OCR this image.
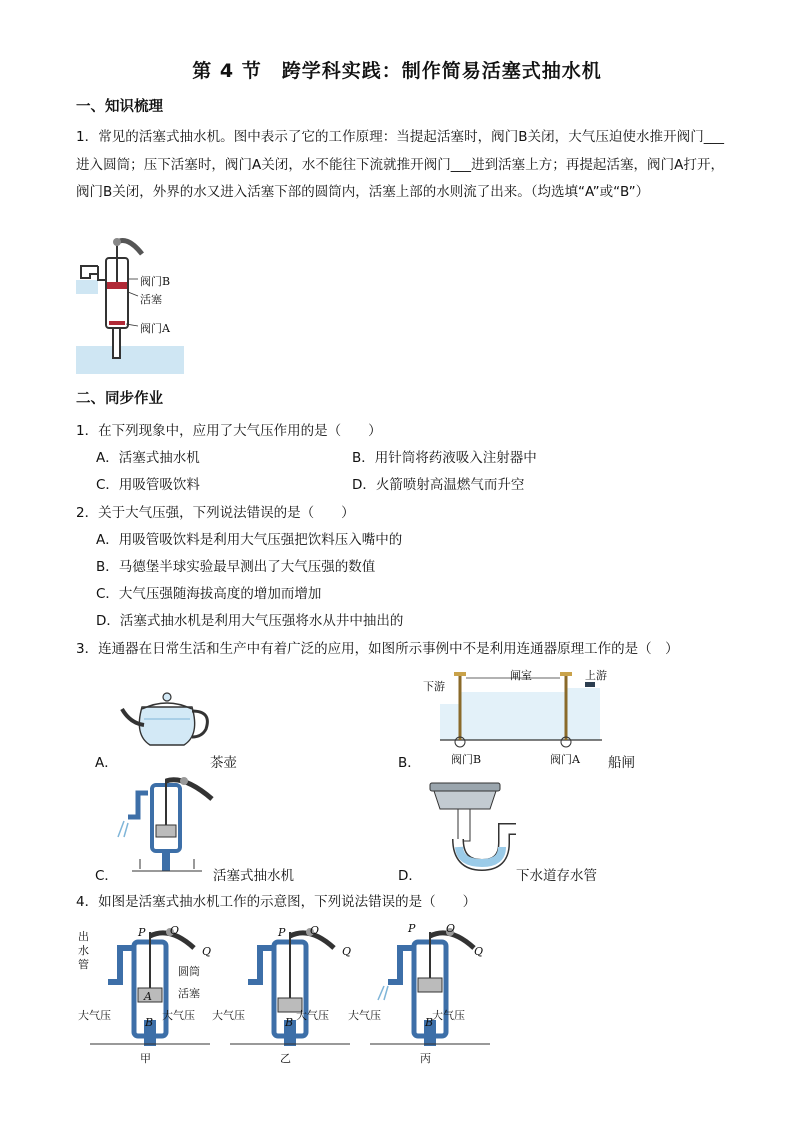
第 4 节　跨学科实践：制作简易活塞式抽水机
一、知识梳理
1．常见的活塞式抽水机。图中表示了它的工作原理：当提起活塞时，阀门B关闭，大气压迫使水推开阀门___进入圆筒；压下活塞时，阀门A关闭，水不能往下流就推开阀门___进到活塞上方；再提起活塞，阀门A打开，阀门B关闭，外界的水又进入活塞下部的圆筒内，活塞上部的水则流了出来。（均选填“A”或“B”）
阀门B
活塞
阀门A
二、同步作业
1．在下列现象中，应用了大气压作用的是（　　）
A．活塞式抽水机	B．用针筒将药液吸入注射器中
C．用吸管吸饮料	D．火箭喷射高温燃气而升空
2．关于大气压强，下列说法错误的是（　　）
A．用吸管吸饮料是利用大气压强把饮料压入嘴中的
B．马德堡半球实验最早测出了大气压强的数值
C．大气压强随海拔高度的增加而增加
D．活塞式抽水机是利用大气压强将水从井中抽出的
3．连通器在日常生活和生产中有着广泛的应用，如图所示事例中不是利用连通器原理工作的是（　）
A．	茶壶
下游
闸室	上游
阀门B	阀门A
B．	船闸
C．	活塞式抽水机	D．	下水道存水管
4．如图是活塞式抽水机工作的示意图，下列说法错误的是（　　）
出
水
管
P O
Q
圆筒
活塞
P O
Q
P	O
Q
A
B	B	B
大气压	大气压 大气压	大气压 大气压	大气压
甲	乙	丙
